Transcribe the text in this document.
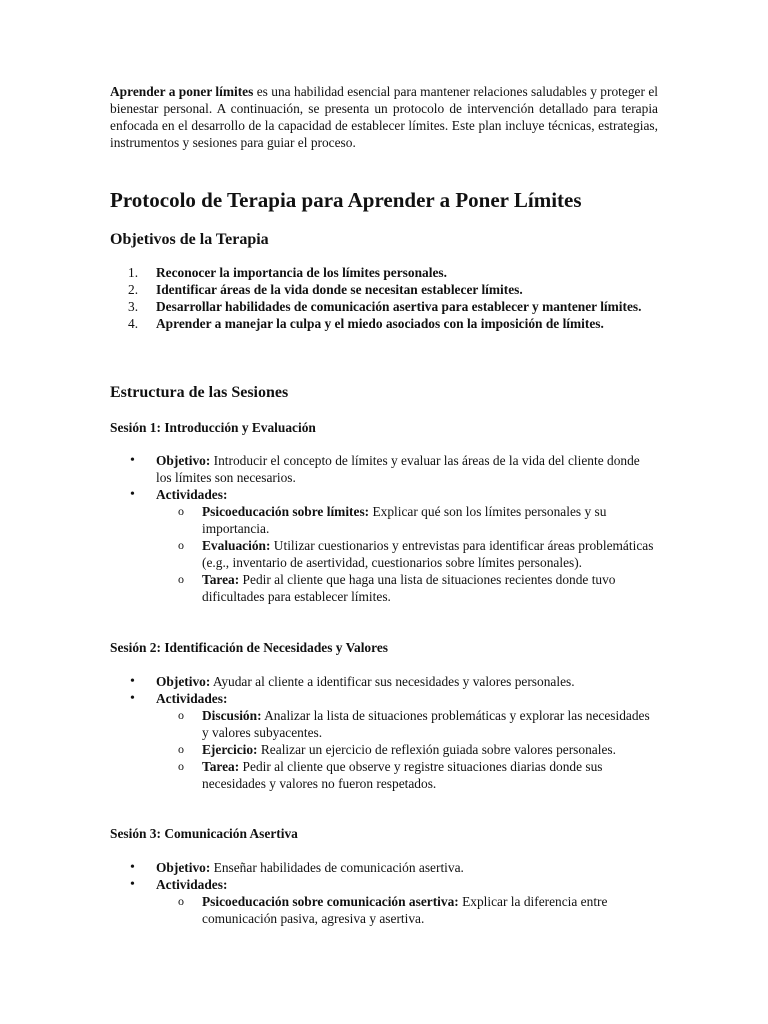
Aprender a poner límites es una habilidad esencial para mantener relaciones saludables y proteger el bienestar personal. A continuación, se presenta un protocolo de intervención detallado para terapia enfocada en el desarrollo de la capacidad de establecer límites. Este plan incluye técnicas, estrategias, instrumentos y sesiones para guiar el proceso.

Protocolo de Terapia para Aprender a Poner Límites
Objetivos de la Terapia
1. Reconocer la importancia de los límites personales.
2. Identificar áreas de la vida donde se necesitan establecer límites.
3. Desarrollar habilidades de comunicación asertiva para establecer y mantener límites.
4. Aprender a manejar la culpa y el miedo asociados con la imposición de límites.
Estructura de las Sesiones
Sesión 1: Introducción y Evaluación
• Objetivo: Introducir el concepto de límites y evaluar las áreas de la vida del cliente donde los límites son necesarios.
• Actividades:
o Psicoeducación sobre límites: Explicar qué son los límites personales y su importancia.
o Evaluación: Utilizar cuestionarios y entrevistas para identificar áreas problemáticas (e.g., inventario de asertividad, cuestionarios sobre límites personales).
o Tarea: Pedir al cliente que haga una lista de situaciones recientes donde tuvo dificultades para establecer límites.
Sesión 2: Identificación de Necesidades y Valores
• Objetivo: Ayudar al cliente a identificar sus necesidades y valores personales.
• Actividades:
o Discusión: Analizar la lista de situaciones problemáticas y explorar las necesidades y valores subyacentes.
o Ejercicio: Realizar un ejercicio de reflexión guiada sobre valores personales.
o Tarea: Pedir al cliente que observe y registre situaciones diarias donde sus necesidades y valores no fueron respetados.
Sesión 3: Comunicación Asertiva
• Objetivo: Enseñar habilidades de comunicación asertiva.
• Actividades:
o Psicoeducación sobre comunicación asertiva: Explicar la diferencia entre comunicación pasiva, agresiva y asertiva.
